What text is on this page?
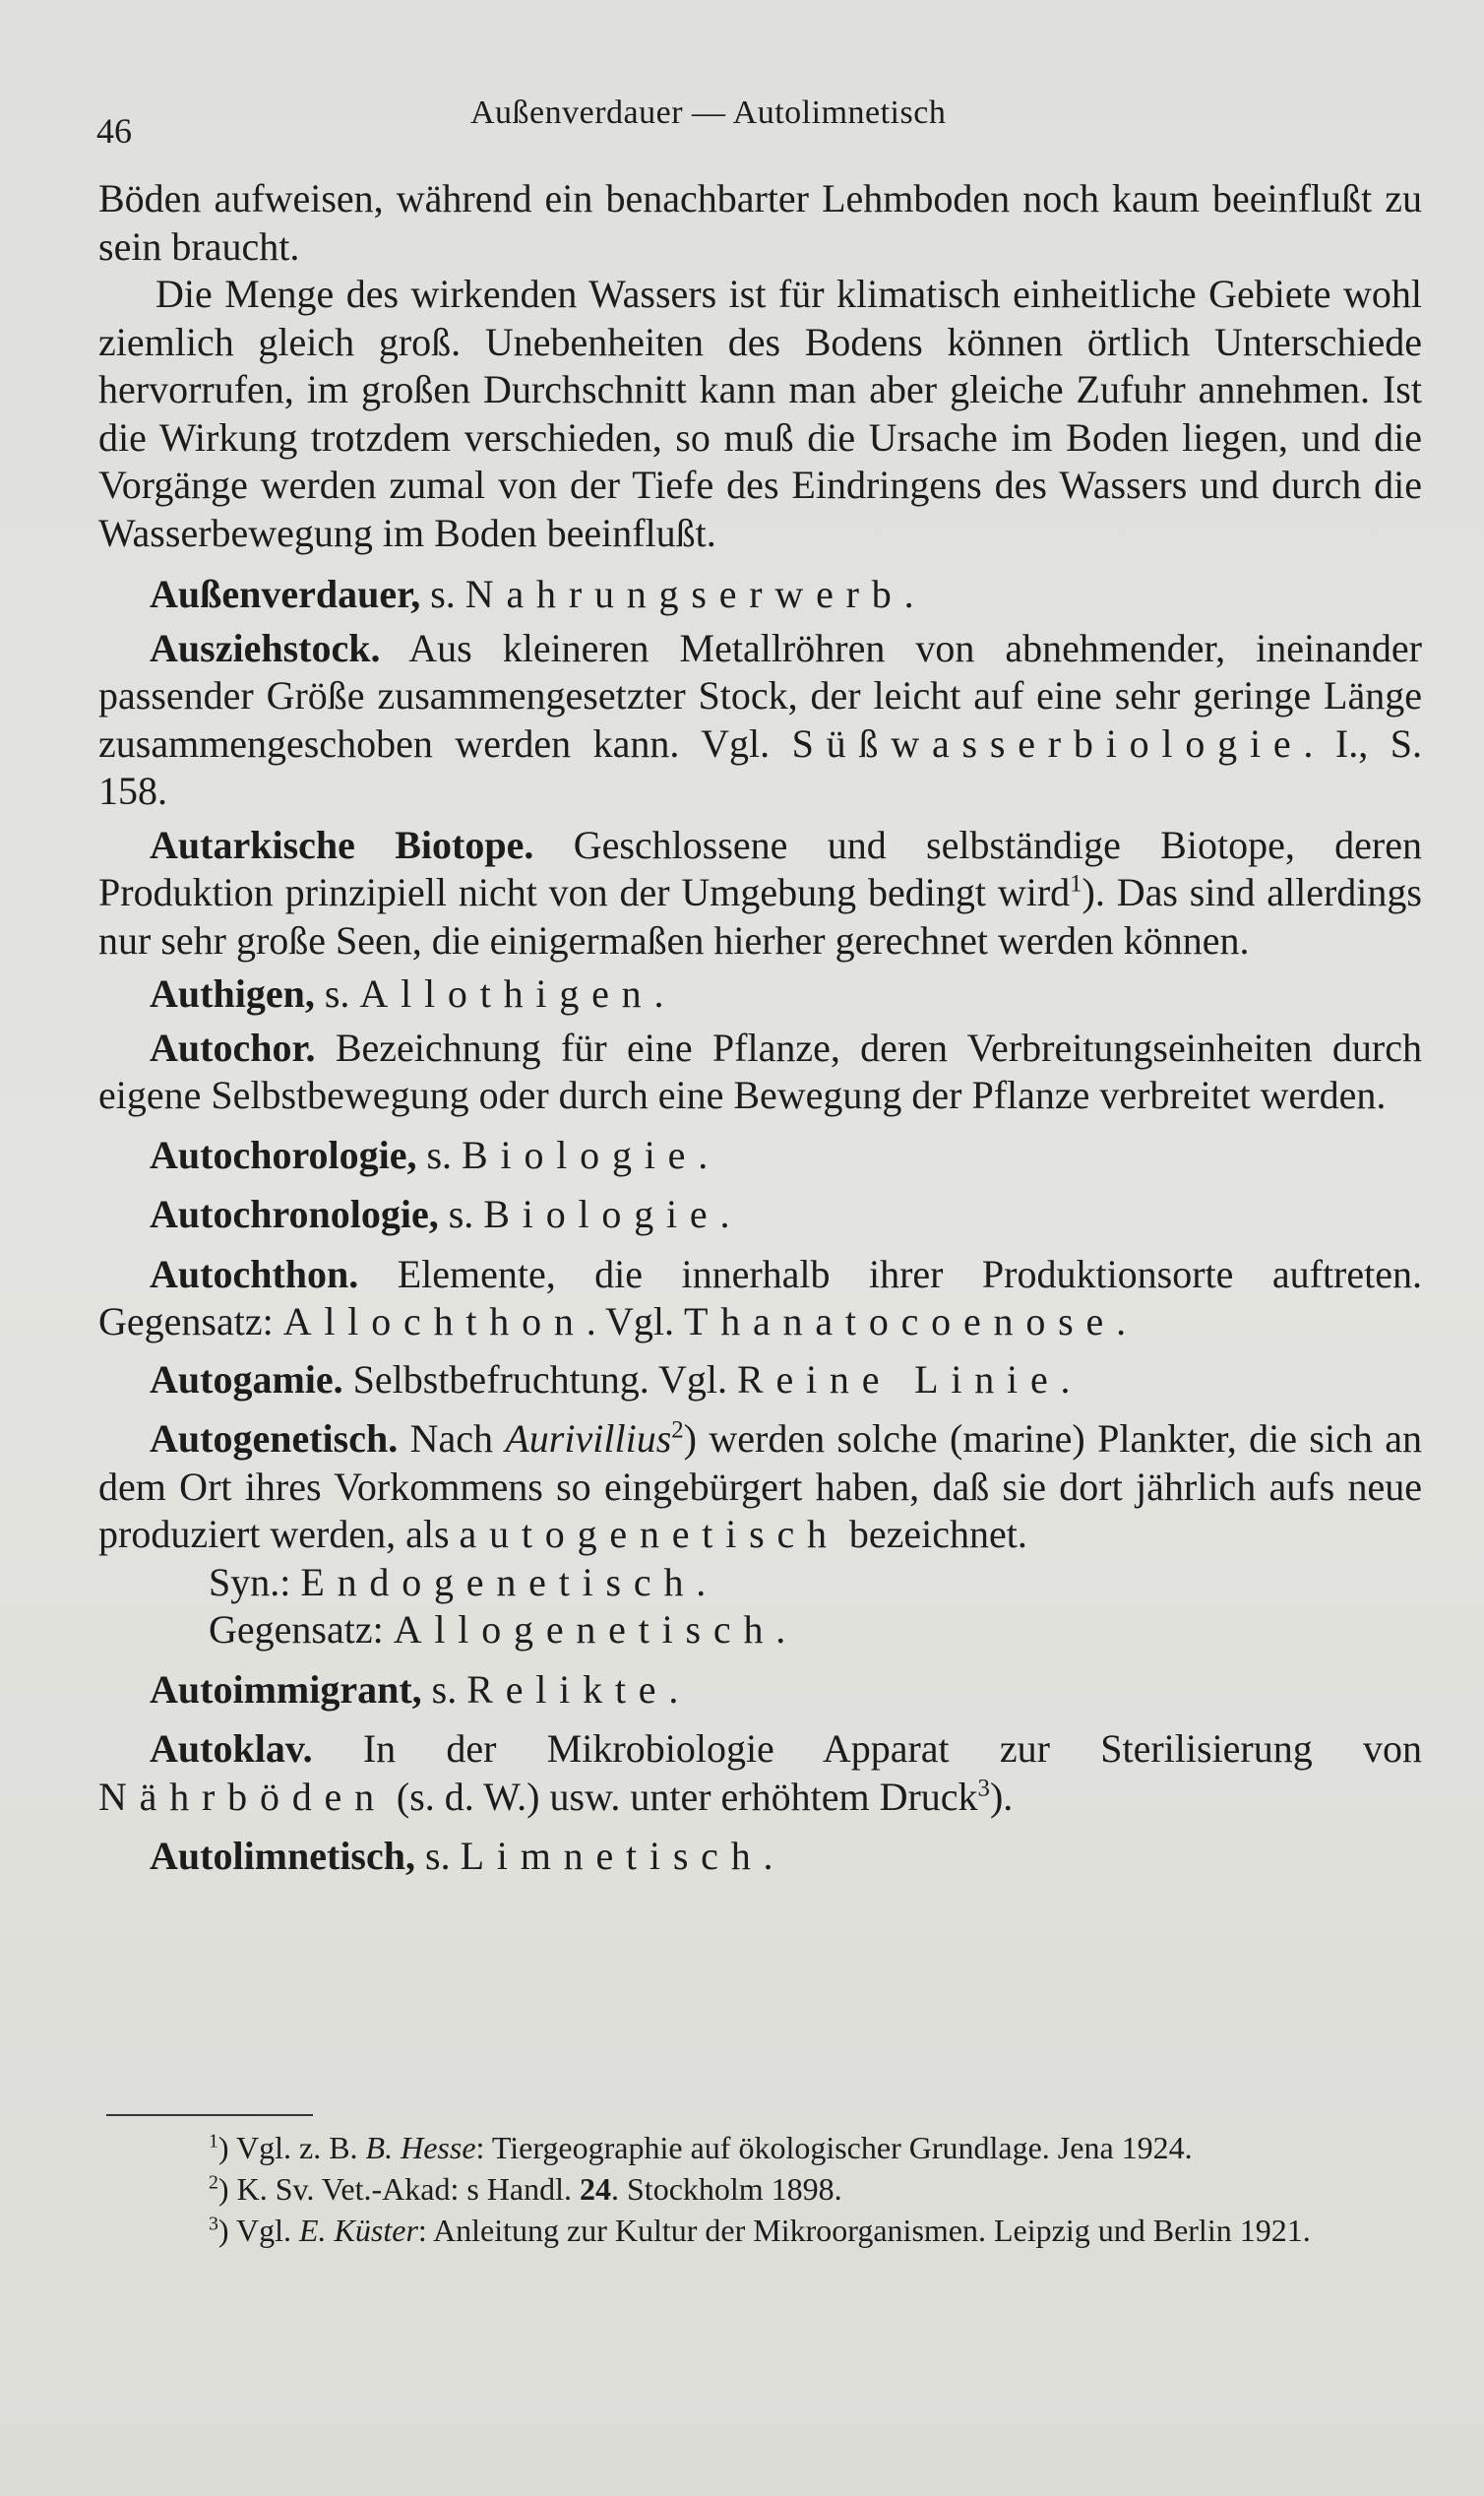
46	Außenverdauer — Autolimnetisch

Böden aufweisen, während ein benachbarter Lehmboden noch kaum beeinflußt zu sein braucht.

Die Menge des wirkenden Wassers ist für klimatisch einheitliche Gebiete wohl ziemlich gleich groß. Unebenheiten des Bodens können örtlich Unterschiede hervorrufen, im großen Durchschnitt kann man aber gleiche Zufuhr annehmen. Ist die Wirkung trotzdem verschieden, so muß die Ursache im Boden liegen, und die Vorgänge werden zumal von der Tiefe des Eindringens des Wassers und durch die Wasserbewegung im Boden beeinflußt.

Außenverdauer, s. Nahrungserwerb.

Ausziehstock. Aus kleineren Metallröhren von abnehmender, ineinander passender Größe zusammengesetzter Stock, der leicht auf eine sehr geringe Länge zusammengeschoben werden kann. Vgl. Süßwasserbiologie. I., S. 158.

Autarkische Biotope. Geschlossene und selbständige Biotope, deren Produktion prinzipiell nicht von der Umgebung bedingt wird$^1$). Das sind allerdings nur sehr große Seen, die einigermaßen hierher gerechnet werden können.

Authigen, s. Allothigen.

Autochor. Bezeichnung für eine Pflanze, deren Verbreitungseinheiten durch eigene Selbstbewegung oder durch eine Bewegung der Pflanze verbreitet werden.

Autochorologie, s. Biologie.

Autochronologie, s. Biologie.

Autochthon. Elemente, die innerhalb ihrer Produktionsorte auftreten. Gegensatz: Allochthon. Vgl. Thanatocoenose.

Autogamie. Selbstbefruchtung. Vgl. Reine Linie.

Autogenetisch. Nach Aurivillius$^2$) werden solche (marine) Plankter, die sich an dem Ort ihres Vorkommens so eingebürgert haben, daß sie dort jährlich aufs neue produziert werden, als autogenetisch bezeichnet.

Syn.: Endogenetisch.

Gegensatz: Allogenetisch.

Autoimmigrant, s. Relikte.

Autoklav. In der Mikrobiologie Apparat zur Sterilisierung von Nährböden (s. d. W.) usw. unter erhöhtem Druck$^3$).

Autolimnetisch, s. Limnetisch.

$^1$) Vgl. z. B. B. Hesse: Tiergeographie auf ökologischer Grundlage. Jena 1924.

$^2$) K. Sv. Vet.-Akad: s Handl. 24. Stockholm 1898.

$^3$) Vgl. E. Küster: Anleitung zur Kultur der Mikroorganismen. Leipzig und Berlin 1921.
